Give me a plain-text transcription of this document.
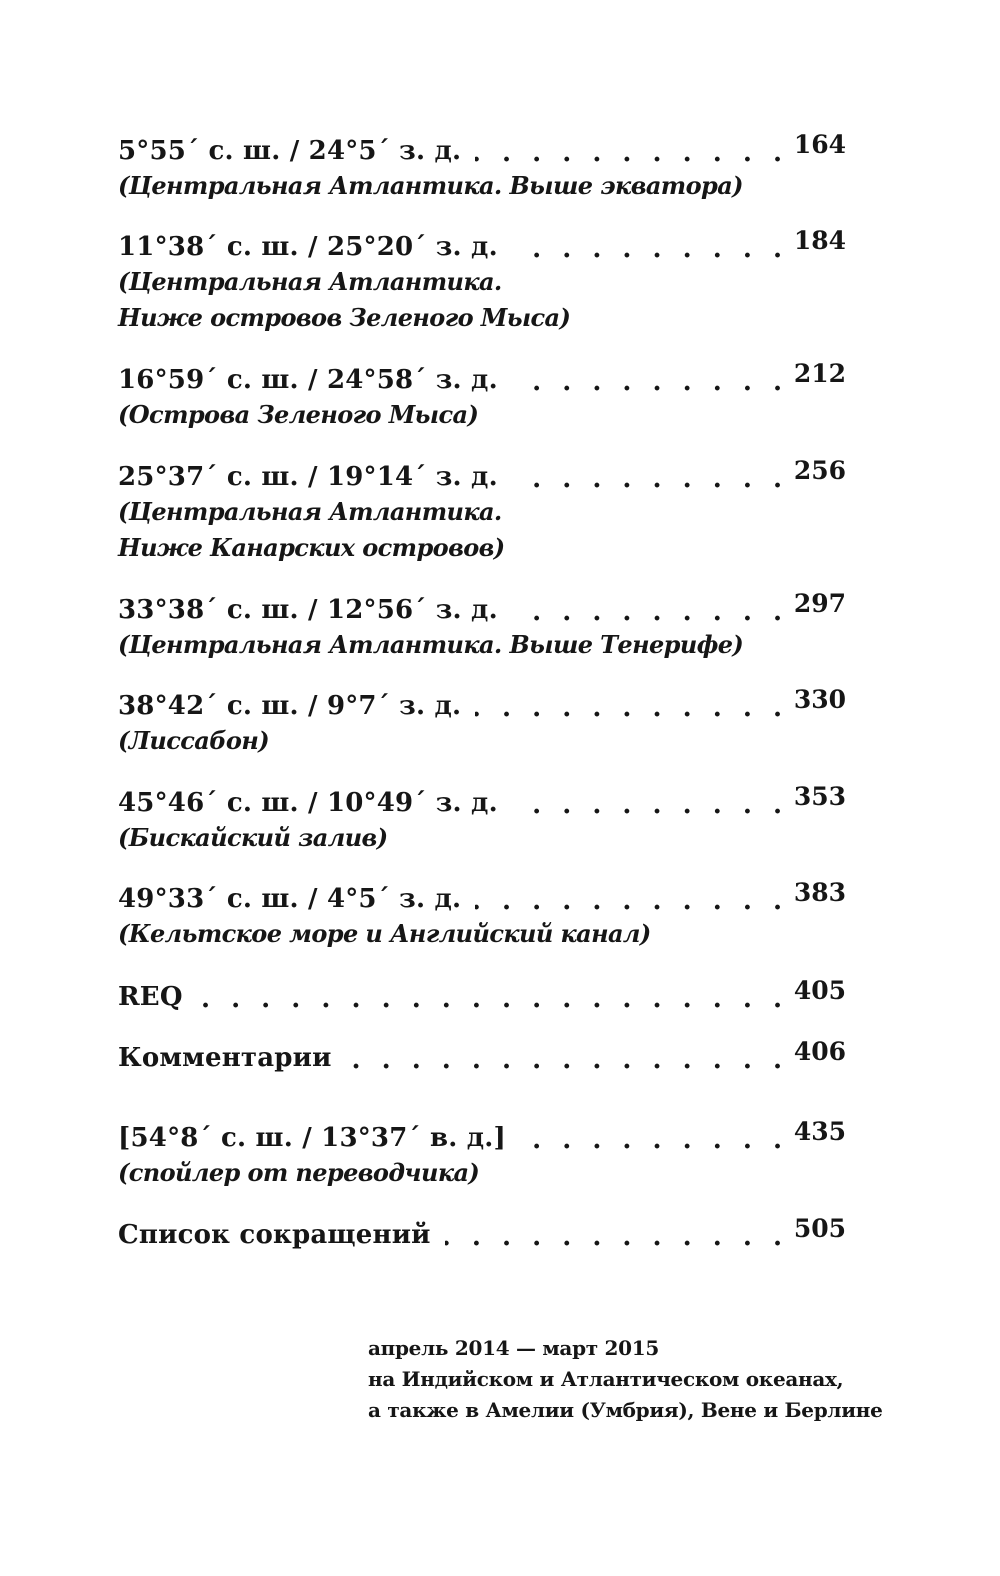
5°55´ с. ш. / 24°5´ з. д. . . .	164
(Центральная Атлантика. Выше экватора)
11°38´ с. ш. / 25°20´ з. д. . . .	184
(Центральная Атлантика.
Ниже островов Зеленого Мыса)
16°59´ с. ш. / 24°58´ з. д. . . .	212
(Острова Зеленого Мыса)
25°37´ с. ш. / 19°14´ з. д. . . .	256
(Центральная Атлантика.
Ниже Канарских островов)
33°38´ с. ш. / 12°56´ з. д. . . .	297
(Центральная Атлантика. Выше Тенерифе)
38°42´ с. ш. / 9°7´ з. д. . . .	330
(Лиссабон)
45°46´ с. ш. / 10°49´ з. д. . . .	353
(Бискайский залив)
49°33´ с. ш. / 4°5´ з. д. . . .	383
(Кельтское море и Английский канал)
REQ . . .	405
Комментарии . . .	406
[54°8´ с. ш. / 13°37´ в. д.] . . .	435
(спойлер от переводчика)
Список сокращений . . .	505
апрель 2014 — март 2015
на Индийском и Атлантическом океанах,
а также в Амелии (Умбрия), Вене и Берлине
